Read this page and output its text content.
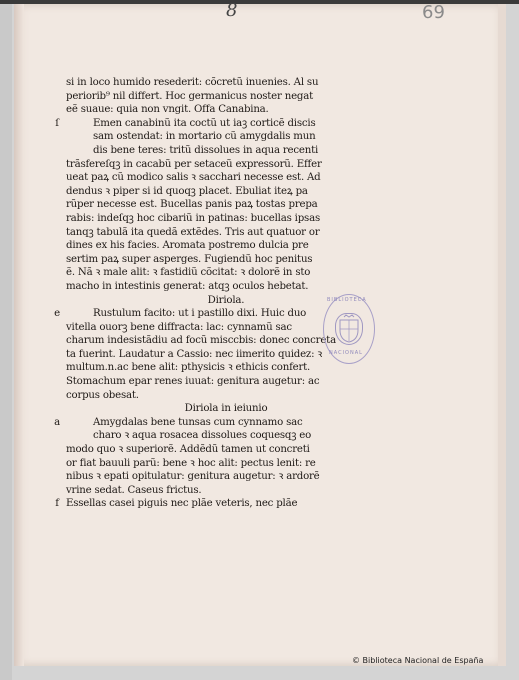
8	69
si in loco humido resederit: cõcretũ inuenies. Al su
periorib⁹ nil differt. Hoc germanicus noster negat
eẽ suaue: quia non vngit. Offa Canabina.
ſ	Emen canabinũ ita coctũ ut iaꝫ corticẽ discis
sam ostendat: in mortario cũ amygdalis mun
dis bene teres: tritũ dissolues in aqua recenti
trãsfereſqꝫ in cacabũ per setaceũ expressorũ. Effer
ueat paꝝ cũ modico salis ꝛ sacchari necesse est. Ad
dendus ꝛ piper si id quoqꝫ placet. Ebuliat iteꝝ pa
rũper necesse est. Bucellas panis paꝝ tostas prepa
rabis: indeſqꝫ hoc cibariũ in patinas: bucellas ipsas
tanqꝫ tabulã ita quedã extẽdes. Tris aut quatuor or
dines ex his facies. Aromata postremo dulcia pre
sertim paꝝ super asperges. Fugiendũ hoc penitus
ẽ. Nã ꝛ male alit: ꝛ fastidiũ cõcitat: ꝛ dolorẽ in sto
macho in intestinis generat: atqꝫ oculos hebetat.
Diriola.
e	Rustulum facito: ut i pastillo dixi. Huic duo
vitella ouorꝫ bene diffracta: lac: cynnamũ sac
charum indesistãdiu ad focũ misccbis: donec concreta
ta fuerint. Laudatur a Cassio: nec iimerito quidez: ꝛ
multum.n.ac bene alit: pthysicis ꝛ ethicis confert.
Stomachum epar renes iuuat: genitura augetur: ac
corpus obesat.
Diriola in ieiunio
a	Amygdalas bene tunsas cum cynnamo sac
charo ꝛ aqua rosacea dissolues coquesqꝫ eo
modo quo ꝛ superiorẽ. Addẽdũ tamen ut concreti
or fiat bauuli parũ: bene ꝛ hoc alit: pectus lenit: re
nibus ꝛ epati opitulatur: genitura augetur: ꝛ ardorẽ
vrine sedat. Caseus frictus.
f Essellas casei piguis nec plãe veteris, nec plãe
BIBLIOTECA
NACIONAL
© Biblioteca Nacional de España
